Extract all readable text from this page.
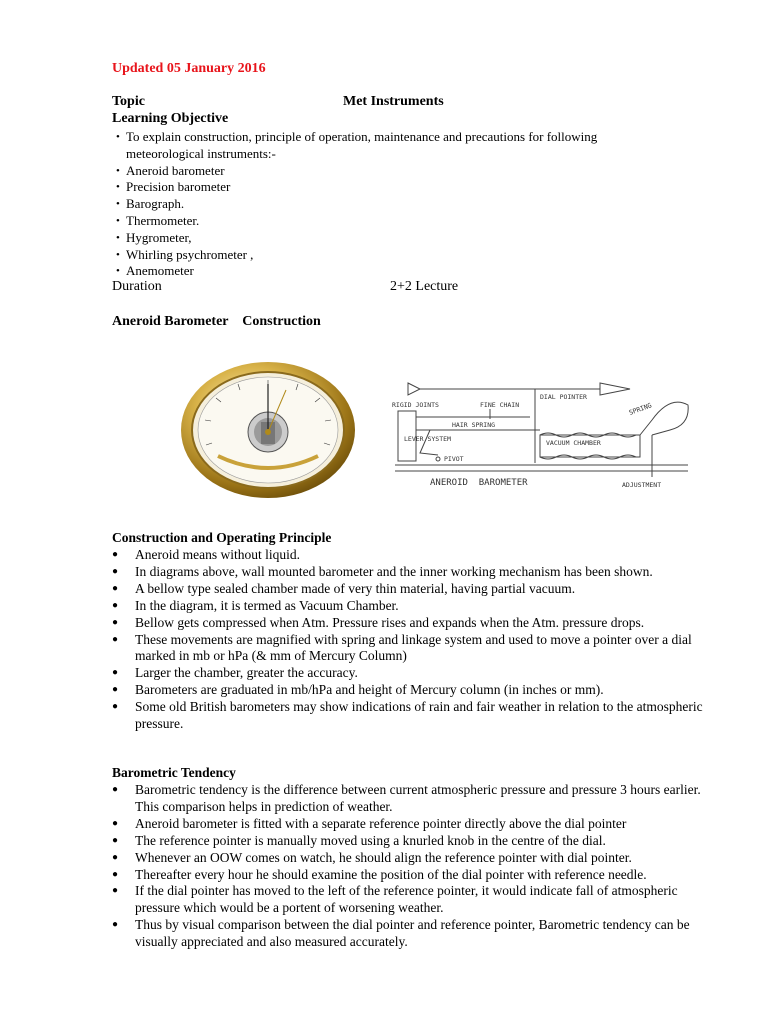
Updated 05 January 2016
Topic	Met Instruments
Learning Objective
• To explain construction, principle of operation, maintenance and precautions for following meteorological instruments:-
• Aneroid barometer
• Precision barometer
• Barograph.
• Thermometer.
• Hygrometer,
• Whirling psychrometer ,
• Anemometer
Duration	2+2 Lecture
Aneroid Barometer    Construction
DIAL POINTER
SPRING
RIGID JOINTS	FINE CHAIN
HAIR SPRING
LEVER SYSTEM	VACUUM CHAMBER
PIVOT
ADJUSTMENT
ANEROID  BAROMETER
Construction and Operating Principle
● Aneroid means without liquid.
● In diagrams above, wall mounted barometer and the inner working mechanism has been shown.
● A bellow type sealed chamber made of very thin material, having partial vacuum.
● In the diagram, it is termed as Vacuum Chamber.
● Bellow gets compressed when Atm. Pressure rises and expands when the Atm. pressure drops.
● These movements are magnified with spring and linkage system and used to move a pointer over a dial marked in mb or hPa (& mm of Mercury Column)
● Larger the chamber, greater the accuracy.
● Barometers are graduated in mb/hPa and height of Mercury column (in inches or mm).
● Some old British barometers may show indications of rain and fair weather in relation to the atmospheric pressure.
Barometric Tendency
● Barometric tendency is the difference between current atmospheric pressure and pressure 3 hours earlier. This comparison helps in prediction of weather.
● Aneroid barometer is fitted with a separate reference pointer directly above the dial pointer
● The reference pointer is manually moved using a knurled knob in the centre of the dial.
● Whenever an OOW comes on watch, he should align the reference pointer with dial pointer.
● Thereafter every hour he should examine the position of the dial pointer with reference needle.
● If the dial pointer has moved to the left of the reference pointer, it would indicate fall of atmospheric pressure which would be a portent of worsening weather.
● Thus by visual comparison between the dial pointer and reference pointer, Barometric tendency can be visually appreciated and also measured accurately.
